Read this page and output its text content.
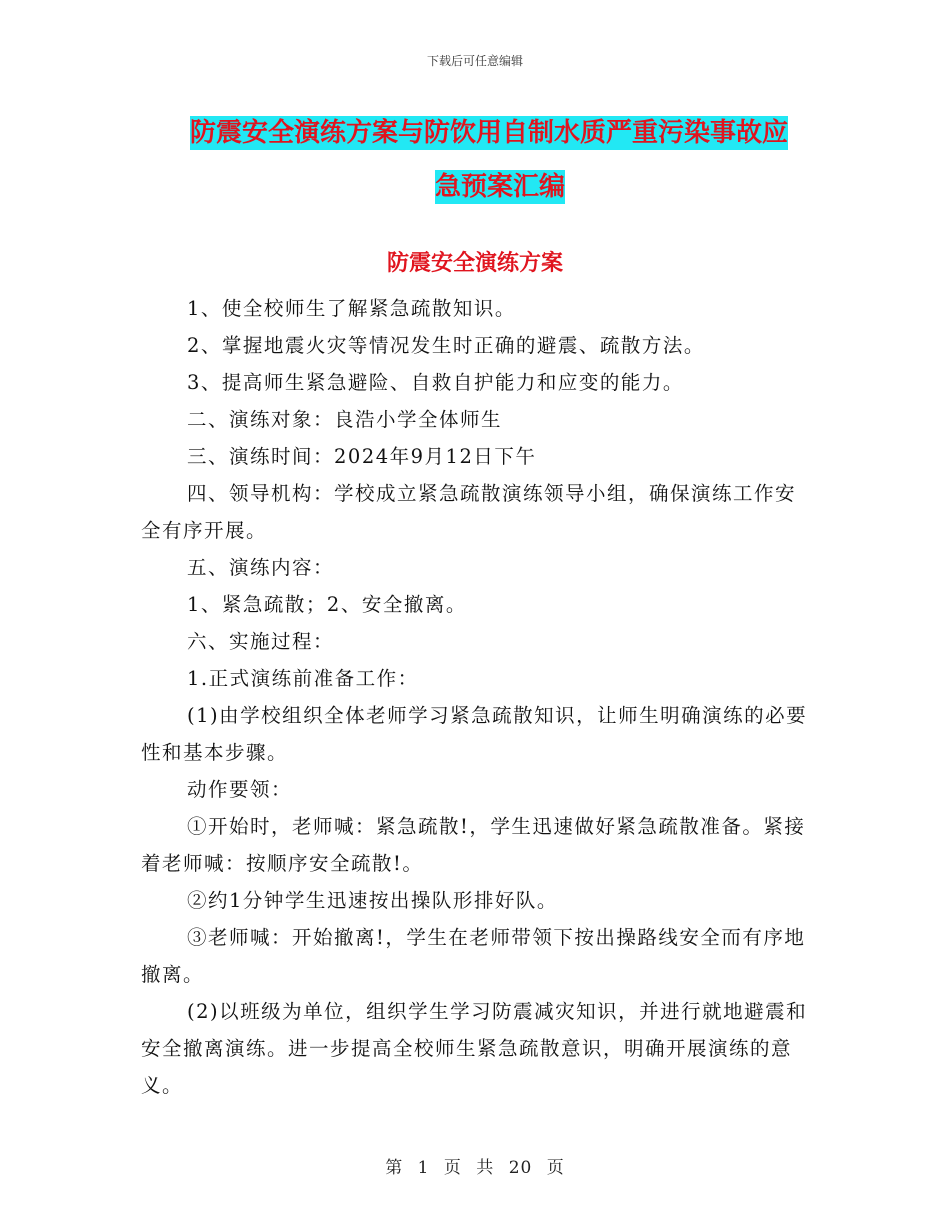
下载后可任意编辑
防震安全演练方案与防饮用自制水质严重污染事故应
急预案汇编
防震安全演练方案

1、使全校师生了解紧急疏散知识。

2、掌握地震火灾等情况发生时正确的避震、疏散方法。

3、提高师生紧急避险、自救自护能力和应变的能力。

二、演练对象：良浩小学全体师生

三、演练时间：2024年9月12日下午

四、领导机构：学校成立紧急疏散演练领导小组，确保演练工作安全有序开展。

五、演练内容：

1、紧急疏散；2、安全撤离。

六、实施过程：

1.正式演练前准备工作：

(1)由学校组织全体老师学习紧急疏散知识，让师生明确演练的必要性和基本步骤。

动作要领：

①开始时，老师喊：紧急疏散!，学生迅速做好紧急疏散准备。紧接着老师喊：按顺序安全疏散!。

②约1分钟学生迅速按出操队形排好队。

③老师喊：开始撤离!，学生在老师带领下按出操路线安全而有序地撤离。

(2)以班级为单位，组织学生学习防震减灾知识，并进行就地避震和安全撤离演练。进一步提高全校师生紧急疏散意识，明确开展演练的意义。

第 1 页 共 20 页
